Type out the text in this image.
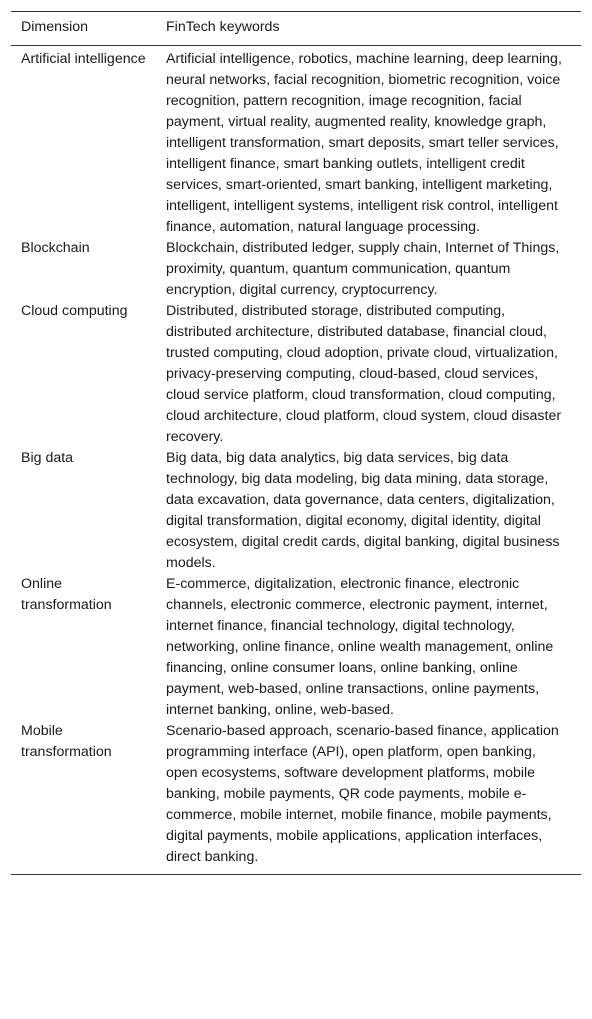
Dimension	FinTech keywords
Artificial intelligence	Artificial intelligence, robotics, machine learning, deep learning, neural networks, facial recognition, biometric recognition, voice recognition, pattern recognition, image recognition, facial payment, virtual reality, augmented reality, knowledge graph, intelligent transformation, smart deposits, smart teller services, intelligent finance, smart banking outlets, intelligent credit services, smart-oriented, smart banking, intelligent marketing, intelligent, intelligent systems, intelligent risk control, intelligent finance, automation, natural language processing.
Blockchain	Blockchain, distributed ledger, supply chain, Internet of Things, proximity, quantum, quantum communication, quantum encryption, digital currency, cryptocurrency.
Cloud computing	Distributed, distributed storage, distributed computing, distributed architecture, distributed database, financial cloud, trusted computing, cloud adoption, private cloud, virtualization, privacy-preserving computing, cloud-based, cloud services, cloud service platform, cloud transformation, cloud computing, cloud architecture, cloud platform, cloud system, cloud disaster recovery.
Big data	Big data, big data analytics, big data services, big data technology, big data modeling, big data mining, data storage, data excavation, data governance, data centers, digitalization, digital transformation, digital economy, digital identity, digital ecosystem, digital credit cards, digital banking, digital business models.
Online transformation	E-commerce, digitalization, electronic finance, electronic channels, electronic commerce, electronic payment, internet, internet finance, financial technology, digital technology, networking, online finance, online wealth management, online financing, online consumer loans, online banking, online payment, web-based, online transactions, online payments, internet banking, online, web-based.
Mobile transformation	Scenario-based approach, scenario-based finance, application programming interface (API), open platform, open banking, open ecosystems, software development platforms, mobile banking, mobile payments, QR code payments, mobile e-commerce, mobile internet, mobile finance, mobile payments, digital payments, mobile applications, application interfaces, direct banking.
